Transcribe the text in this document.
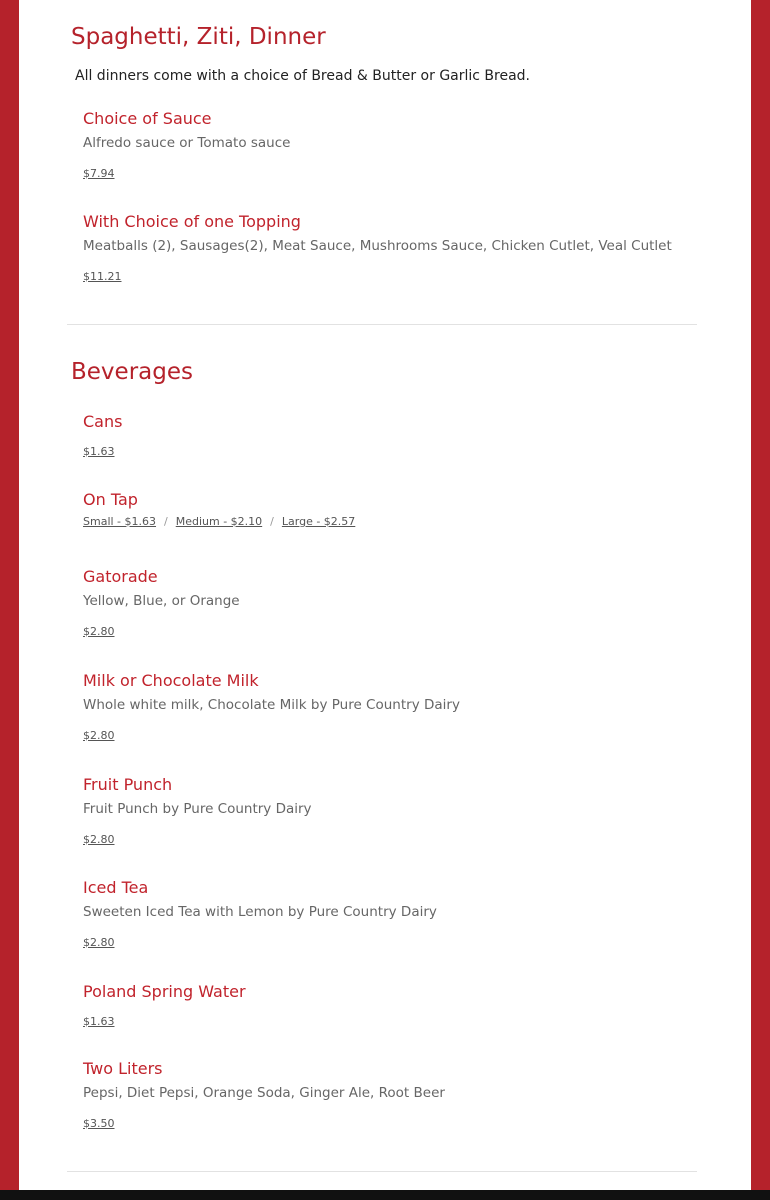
Spaghetti, Ziti, Dinner

All dinners come with a choice of Bread & Butter or Garlic Bread.

Choice of Sauce

Alfredo sauce or Tomato sauce

$7.94
With Choice of one Topping

Meatballs (2), Sausages(2), Meat Sauce, Mushrooms Sauce, Chicken Cutlet, Veal Cutlet

$11.21
Beverages
Cans
$1.63
On Tap
Small - $1.63 / Medium - $2.10 / Large - $2.57
Gatorade

Yellow, Blue, or Orange

$2.80
Milk or Chocolate Milk

Whole white milk, Chocolate Milk by Pure Country Dairy

$2.80
Fruit Punch

Fruit Punch by Pure Country Dairy

$2.80
Iced Tea

Sweeten Iced Tea with Lemon by Pure Country Dairy

$2.80
Poland Spring Water
$1.63
Two Liters

Pepsi, Diet Pepsi, Orange Soda, Ginger Ale, Root Beer

$3.50
